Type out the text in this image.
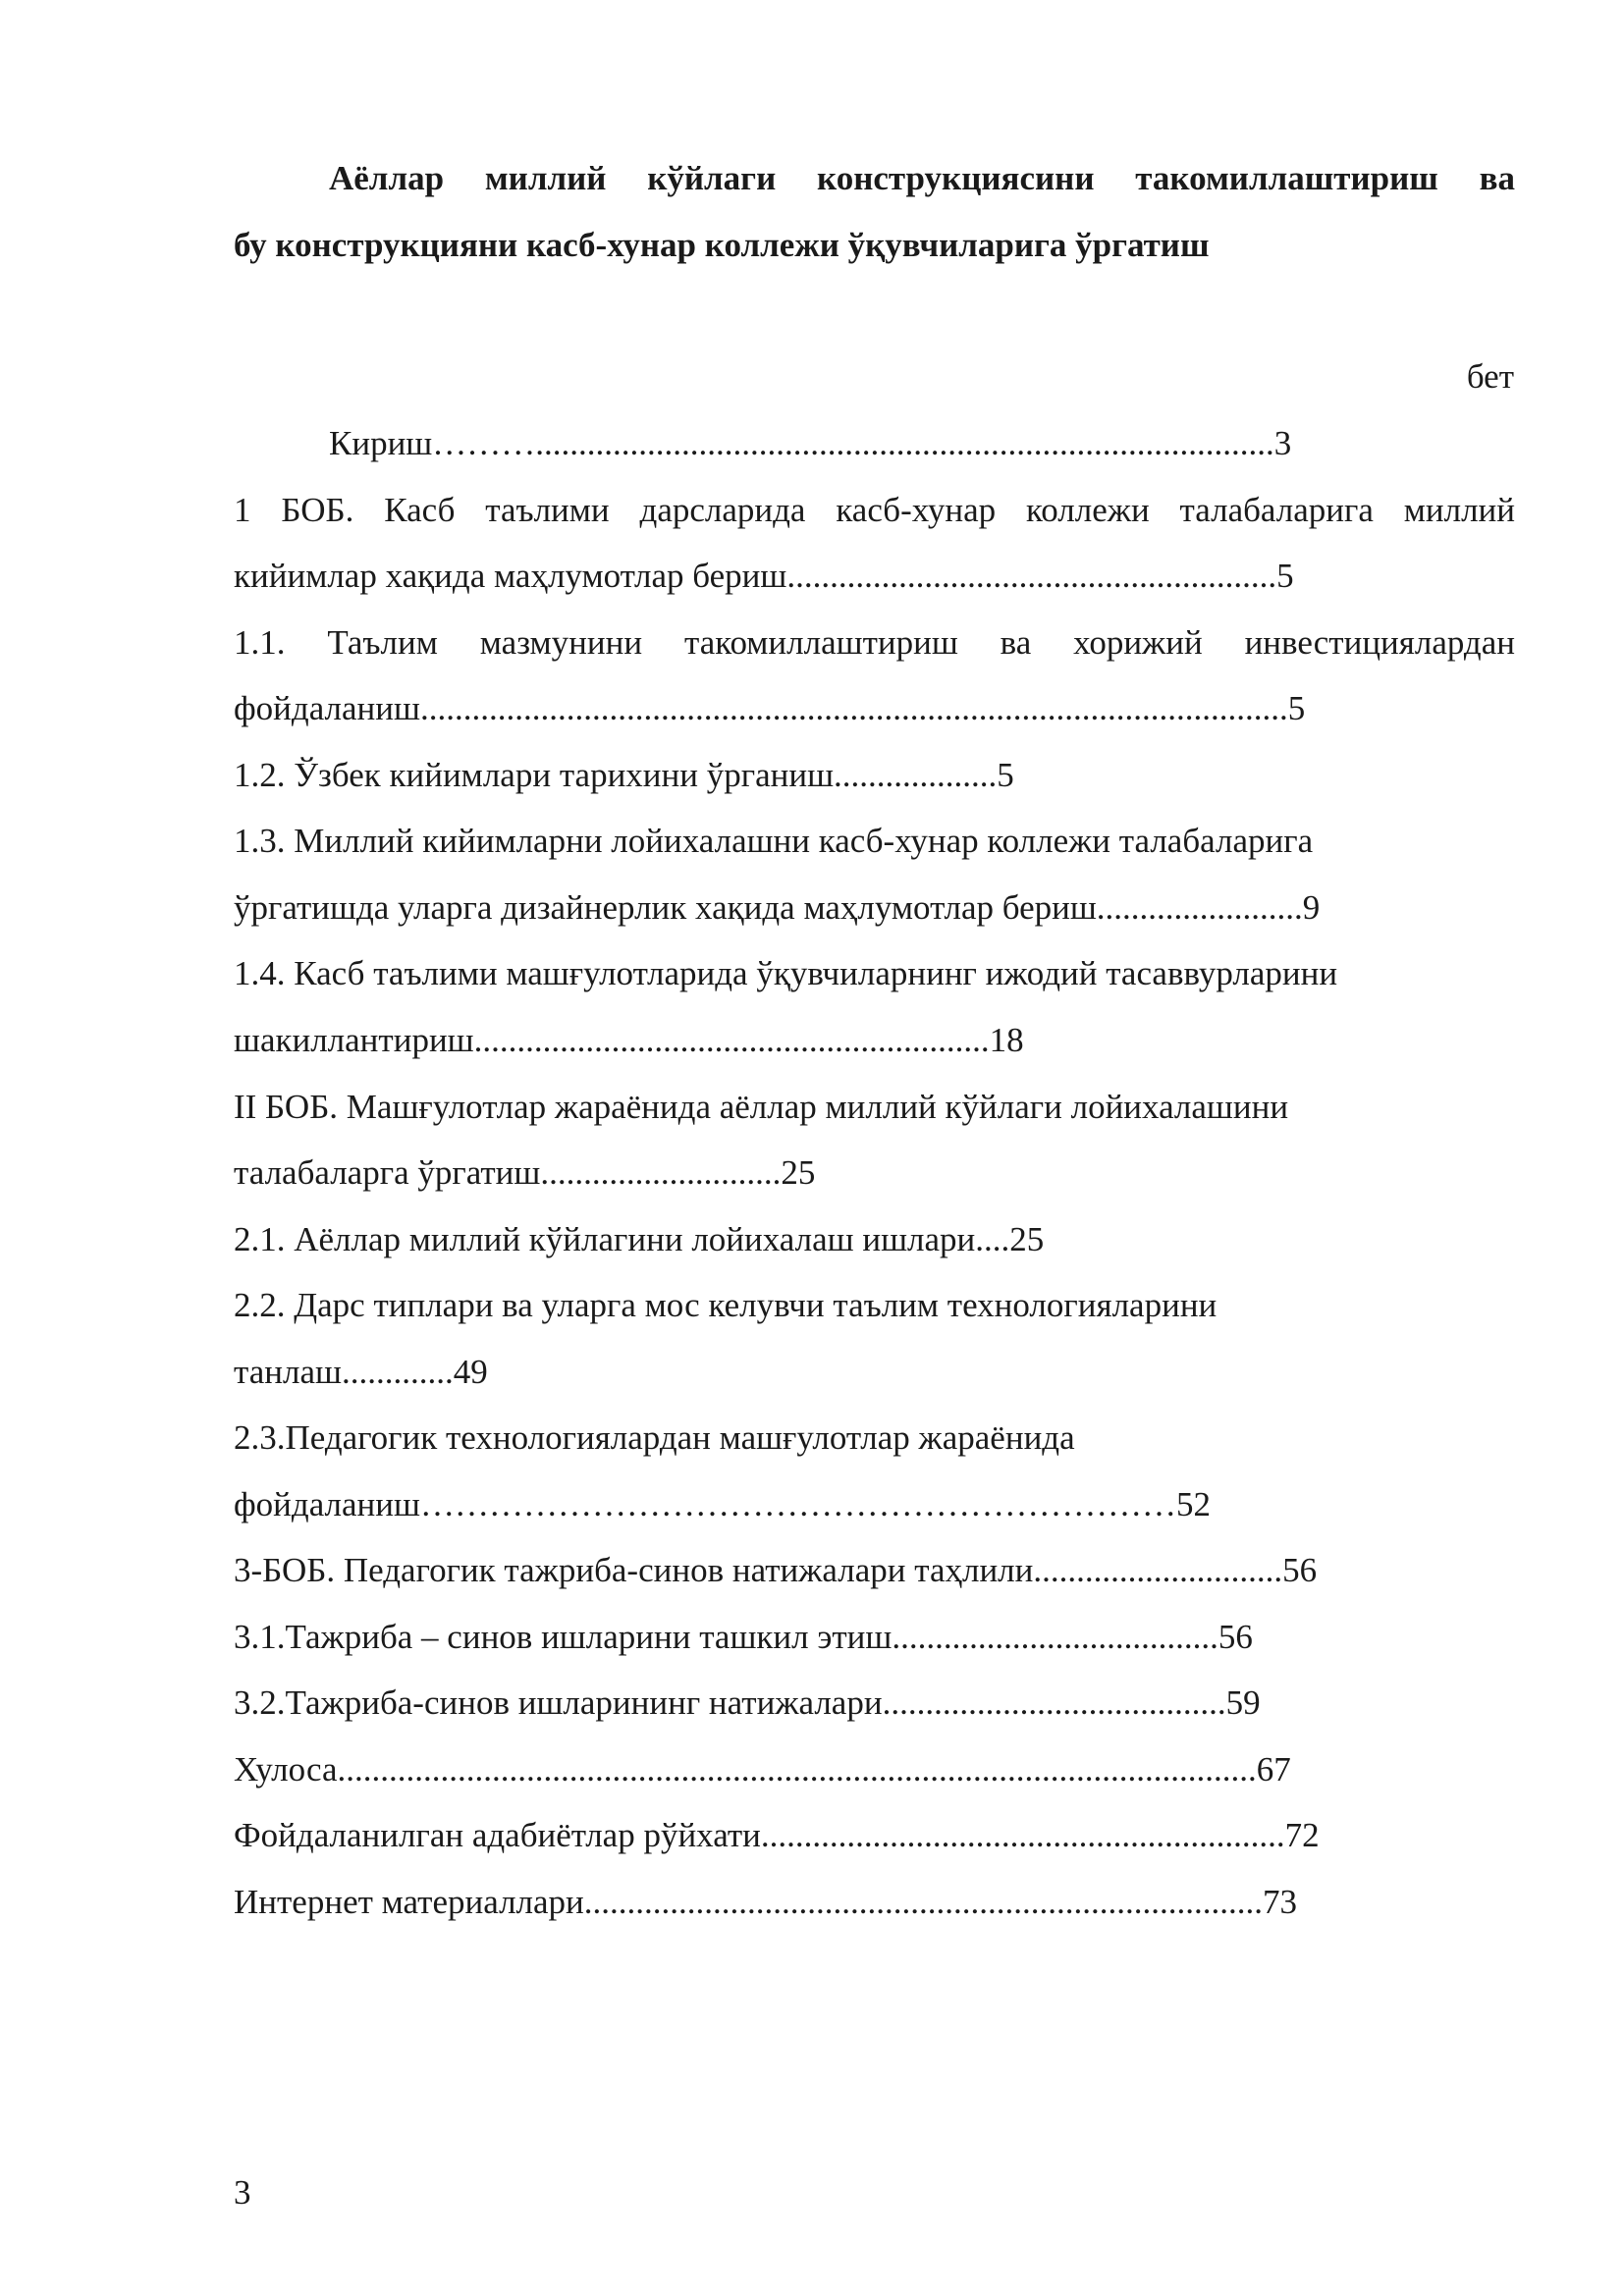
Аёллар миллий кўйлаги конструкциясини такомиллаштириш ва
бу конструкцияни касб-хунар коллежи ўқувчиларига ўргатиш
бет
Кириш………......................................................................................3
1 БОБ. Касб таълими дарсларида касб-хунар коллежи талабаларига миллий
кийимлар хақида маҳлумотлар бериш.........................................................5
1.1. Таълим мазмунини такомиллаштириш ва хорижий инвестициялардан
фойдаланиш.....................................................................................................5
1.2. Ўзбек кийимлари тарихини ўрганиш...................5
1.3. Миллий кийимларни лойихалашни касб-хунар коллежи талабаларига
ўргатишда уларга дизайнерлик хақида маҳлумотлар бериш........................9
1.4. Касб таълими машғулотларида ўқувчиларнинг ижодий тасаввурларини
шакиллантириш............................................................18
II БОБ. Машғулотлар жараёнида аёллар миллий кўйлаги лойихалашини
талабаларга ўргатиш............................25
2.1. Аёллар миллий кўйлагини лойихалаш ишлари....25
2.2. Дарс типлари ва уларга мос келувчи таълим технологияларини
танлаш.............49
2.3.Педагогик технологиялардан машғулотлар жараёнида
фойдаланиш…………………………………………………………52
3-БОБ. Педагогик тажриба-синов натижалари таҳлили.............................56
3.1.Тажриба – синов ишларини ташкил этиш......................................56
3.2.Тажриба-синов ишларининг натижалари........................................59
Хулоса...........................................................................................................67
Фойдаланилган адабиётлар рўйхати.............................................................72
Интернет материаллари...............................................................................73
3
